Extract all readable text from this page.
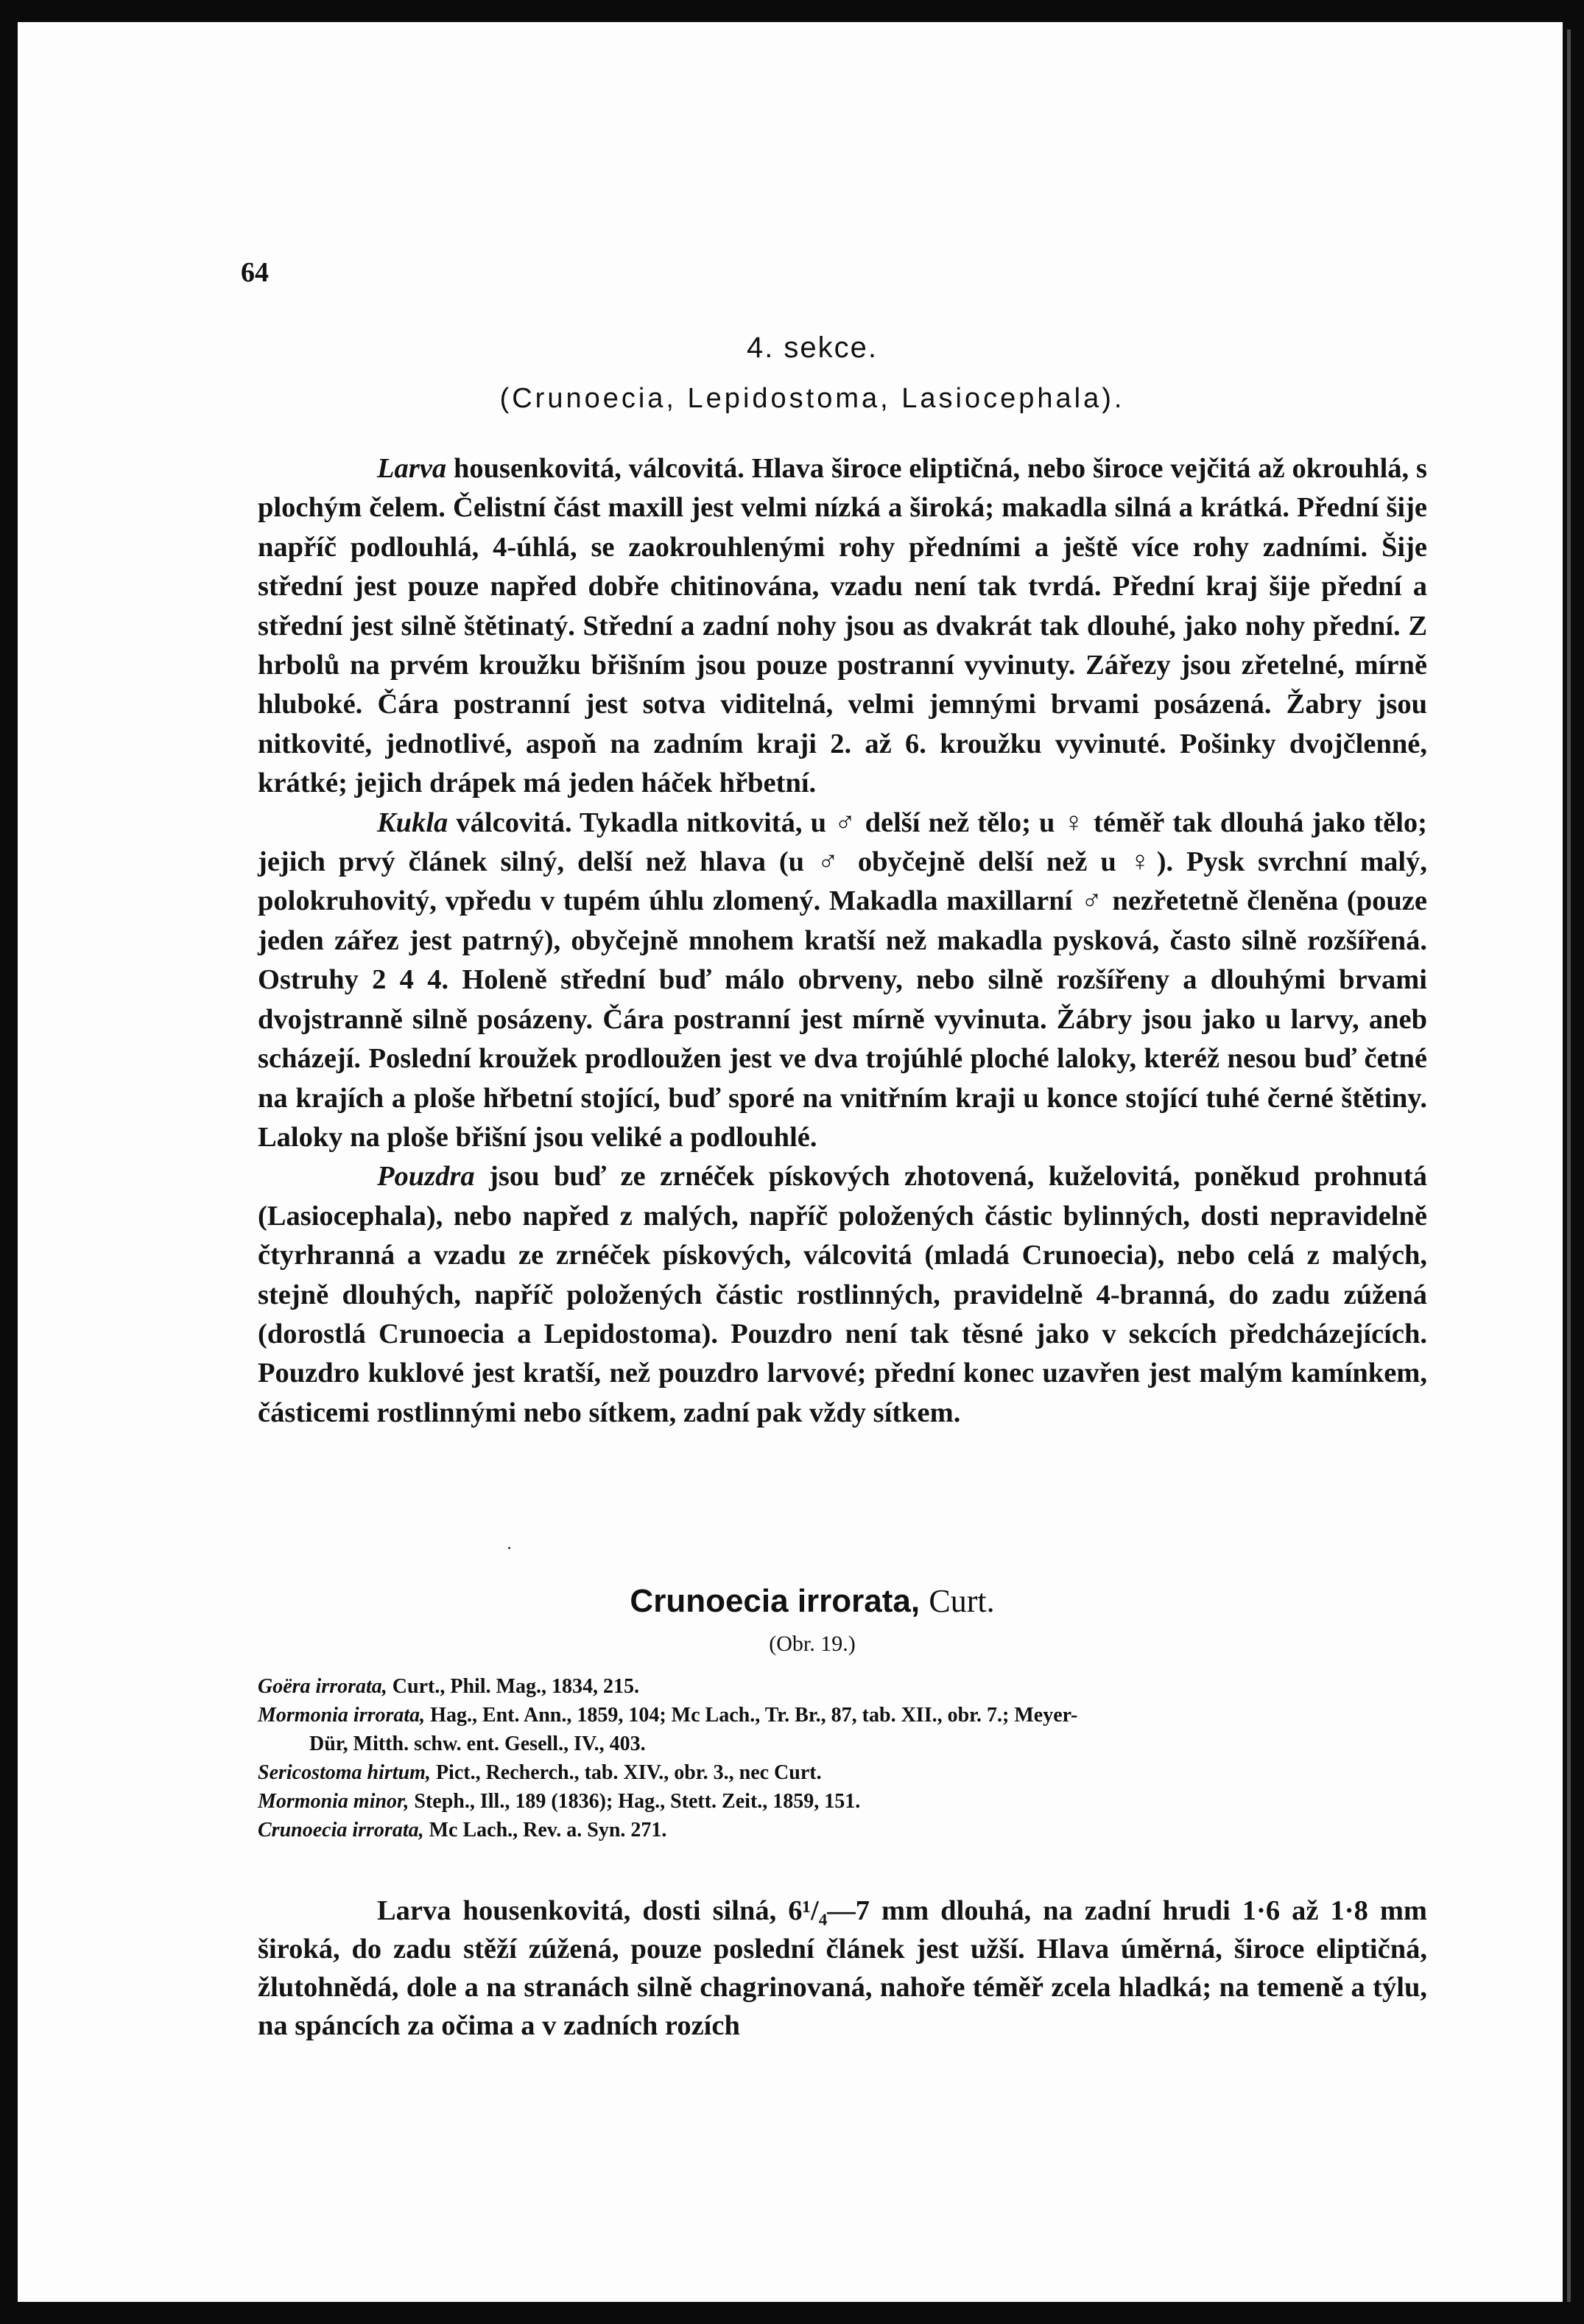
64
4. sekce.
(Crunoecia, Lepidostoma, Lasiocephala).

Larva housenkovitá, válcovitá. Hlava široce eliptičná, nebo široce vejčitá až okrouhlá, s plochým čelem. Čelistní část maxill jest velmi nízká a široká; makadla silná a krátká. Přední šije napříč podlouhlá, 4-úhlá, se zaokrouhlenými rohy předními a ještě více rohy zadními. Šije střední jest pouze napřed dobře chitinována, vzadu není tak tvrdá. Přední kraj šije přední a střední jest silně štětinatý. Střední a zadní nohy jsou as dvakrát tak dlouhé, jako nohy přední. Z hrbolů na prvém kroužku břišním jsou pouze postranní vyvinuty. Zářezy jsou zřetelné, mírně hluboké. Čára postranní jest sotva viditelná, velmi jemnými brvami posázená. Žabry jsou nitkovité, jednotlivé, aspoň na zadním kraji 2. až 6. kroužku vyvinuté. Pošinky dvojčlenné, krátké; jejich drápek má jeden háček hřbetní.

Kukla válcovitá. Tykadla nitkovitá, u ♂ delší než tělo; u ♀ téměř tak dlouhá jako tělo; jejich prvý článek silný, delší než hlava (u ♂ obyčejně delší než u ♀). Pysk svrchní malý, polokruhovitý, vpředu v tupém úhlu zlomený. Makadla maxillarní ♂ nezřetetně členěna (pouze jeden zářez jest patrný), obyčejně mnohem kratší než makadla pysková, často silně rozšířená. Ostruhy 2 4 4. Holeně střední buď málo obrveny, nebo silně rozšířeny a dlouhými brvami dvojstranně silně posázeny. Čára postranní jest mírně vyvinuta. Žábry jsou jako u larvy, aneb scházejí. Poslední kroužek prodloužen jest ve dva trojúhlé ploché laloky, kteréž nesou buď četné na krajích a ploše hřbetní stojící, buď sporé na vnitřním kraji u konce stojící tuhé černé štětiny. Laloky na ploše břišní jsou veliké a podlouhlé.

Pouzdra jsou buď ze zrnéček pískových zhotovená, kuželovitá, poněkud prohnutá (Lasiocephala), nebo napřed z malých, napříč položených částic bylinných, dosti nepravidelně čtyrhranná a vzadu ze zrnéček pískových, válcovitá (mladá Crunoecia), nebo celá z malých, stejně dlouhých, napříč položených částic rostlinných, pravidelně 4-branná, do zadu zúžená (dorostlá Crunoecia a Lepidostoma). Pouzdro není tak těsné jako v sekcích předcházejících. Pouzdro kuklové jest kratší, než pouzdro larvové; přední konec uzavřen jest malým kamínkem, částicemi rostlinnými nebo sítkem, zadní pak vždy sítkem.

Crunoecia irrorata, Curt.
(Obr. 19.)

Goëra irrorata, Curt., Phil. Mag., 1834, 215.

Mormonia irrorata, Hag., Ent. Ann., 1859, 104; Mc Lach., Tr. Br., 87, tab. XII., obr. 7.; Meyer-
Dür, Mitth. schw. ent. Gesell., IV., 403.

Sericostoma hirtum, Pict., Recherch., tab. XIV., obr. 3., nec Curt.

Mormonia minor, Steph., Ill., 189 (1836); Hag., Stett. Zeit., 1859, 151.

Crunoecia irrorata, Mc Lach., Rev. a. Syn. 271.

Larva housenkovitá, dosti silná, 6¹/₄—7 mm dlouhá, na zadní hrudi 1·6 až 1·8 mm široká, do zadu stěží zúžená, pouze poslední článek jest užší. Hlava úměrná, široce eliptičná, žlutohnědá, dole a na stranách silně chagrinovaná, nahoře téměř zcela hladká; na temeně a týlu, na spáncích za očima a v zadních rozích
